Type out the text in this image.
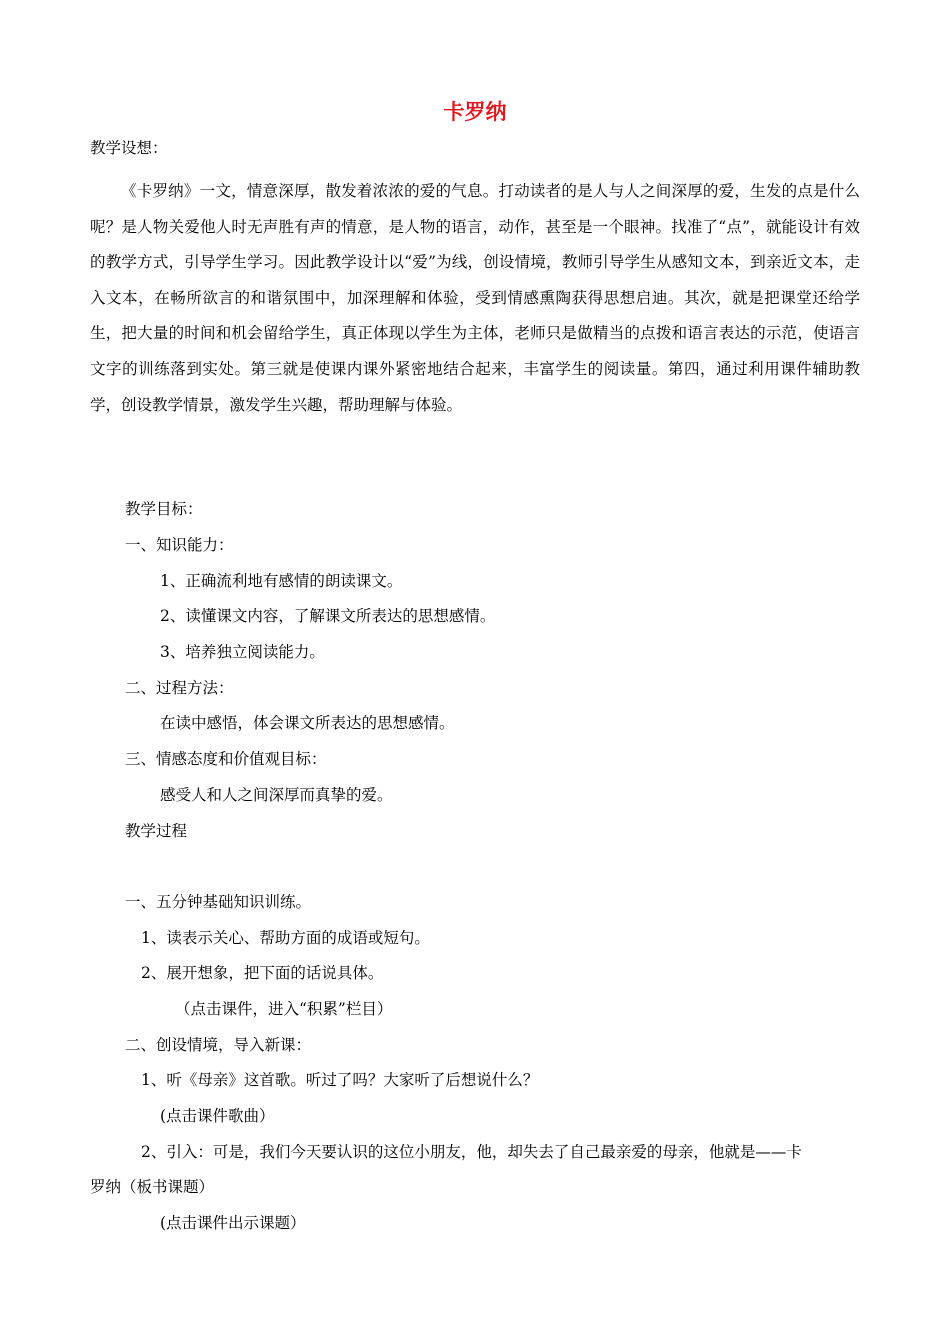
卡罗纳
教学设想：

《卡罗纳》一文，情意深厚，散发着浓浓的爱的气息。打动读者的是人与人之间深厚的爱，生发的点是什么呢？是人物关爱他人时无声胜有声的情意，是人物的语言，动作，甚至是一个眼神。找准了“点”，就能设计有效的教学方式，引导学生学习。因此教学设计以“爱”为线，创设情境，教师引导学生从感知文本，到亲近文本，走入文本，在畅所欲言的和谐氛围中，加深理解和体验，受到情感熏陶获得思想启迪。其次，就是把课堂还给学生，把大量的时间和机会留给学生，真正体现以学生为主体，老师只是做精当的点拨和语言表达的示范，使语言文字的训练落到实处。第三就是使课内课外紧密地结合起来，丰富学生的阅读量。第四，通过利用课件辅助教学，创设教学情景，激发学生兴趣，帮助理解与体验。

教学目标：
一、知识能力：
1、正确流利地有感情的朗读课文。
2、读懂课文内容，了解课文所表达的思想感情。
3、培养独立阅读能力。
二、过程方法：
在读中感悟，体会课文所表达的思想感情。
三、情感态度和价值观目标：
感受人和人之间深厚而真挚的爱。
教学过程
一、五分钟基础知识训练。
1、读表示关心、帮助方面的成语或短句。
2、展开想象，把下面的话说具体。
（点击课件，进入“积累”栏目）
二、创设情境，导入新课：
1、听《母亲》这首歌。听过了吗？大家听了后想说什么？
(点击课件歌曲）
2、引入：可是，我们今天要认识的这位小朋友，他，却失去了自己最亲爱的母亲，他就是——卡
罗纳（板书课题）
(点击课件出示课题）
